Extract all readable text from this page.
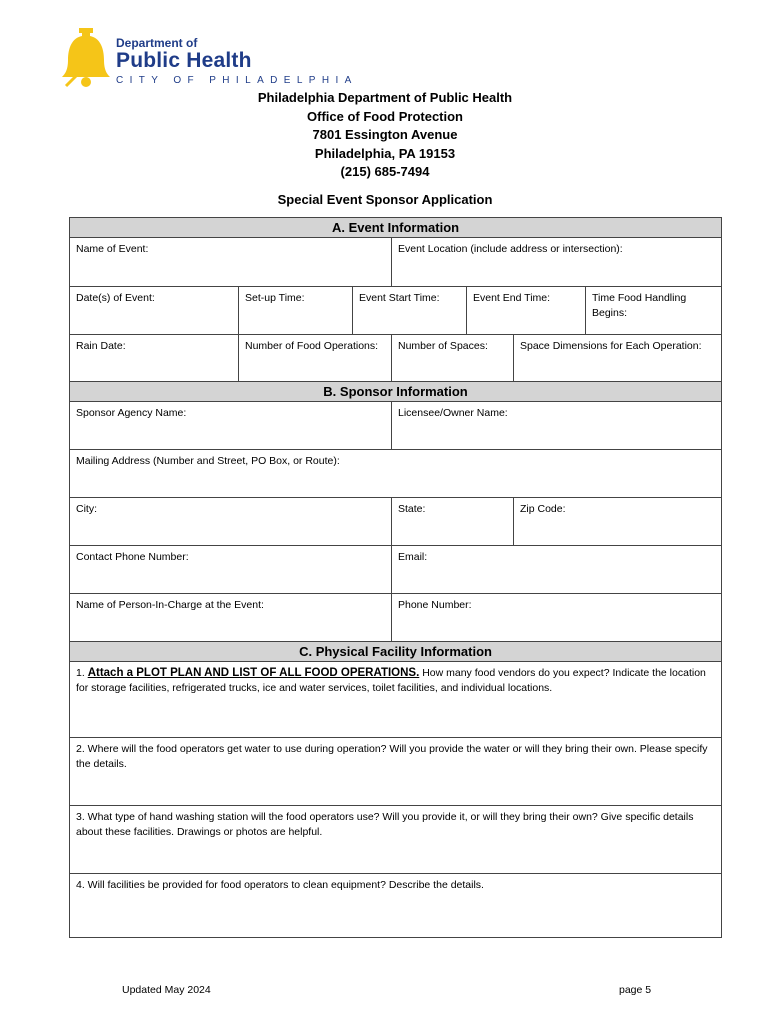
Department of
Public Health
CITY OF PHILADELPHIA
Philadelphia Department of Public Health
Office of Food Protection
7801 Essington Avenue
Philadelphia, PA 19153
(215) 685-7494
Special Event Sponsor Application
A. Event Information						
Name of Event:			Event Location (include address or intersection):			
Date(s) of Event:	Set-up Time:	Event Start Time:		Event End Time:		Time Food Handling Begins:
Rain Date:	Number of Food Operations:		Number of Spaces:		Space Dimensions for Each Operation:	
B. Sponsor Information						
Sponsor Agency Name:			Licensee/Owner Name:			
Mailing Address (Number and Street, PO Box, or Route):						
City:			State:		Zip Code:	
Contact Phone Number:			Email:			
Name of Person-In-Charge at the Event:			Phone Number:			
C. Physical Facility Information						
1. Attach a PLOT PLAN AND LIST OF ALL FOOD OPERATIONS. How many food vendors do you expect? Indicate the location for storage facilities, refrigerated trucks, ice and water services, toilet facilities, and individual locations.						
2. Where will the food operators get water to use during operation? Will you provide the water or will they bring their own. Please specify the details.						
3. What type of hand washing station will the food operators use? Will you provide it, or will they bring their own? Give specific details about these facilities. Drawings or photos are helpful.						
4. Will facilities be provided for food operators to clean equipment? Describe the details.						
Updated May 2024	page 5
